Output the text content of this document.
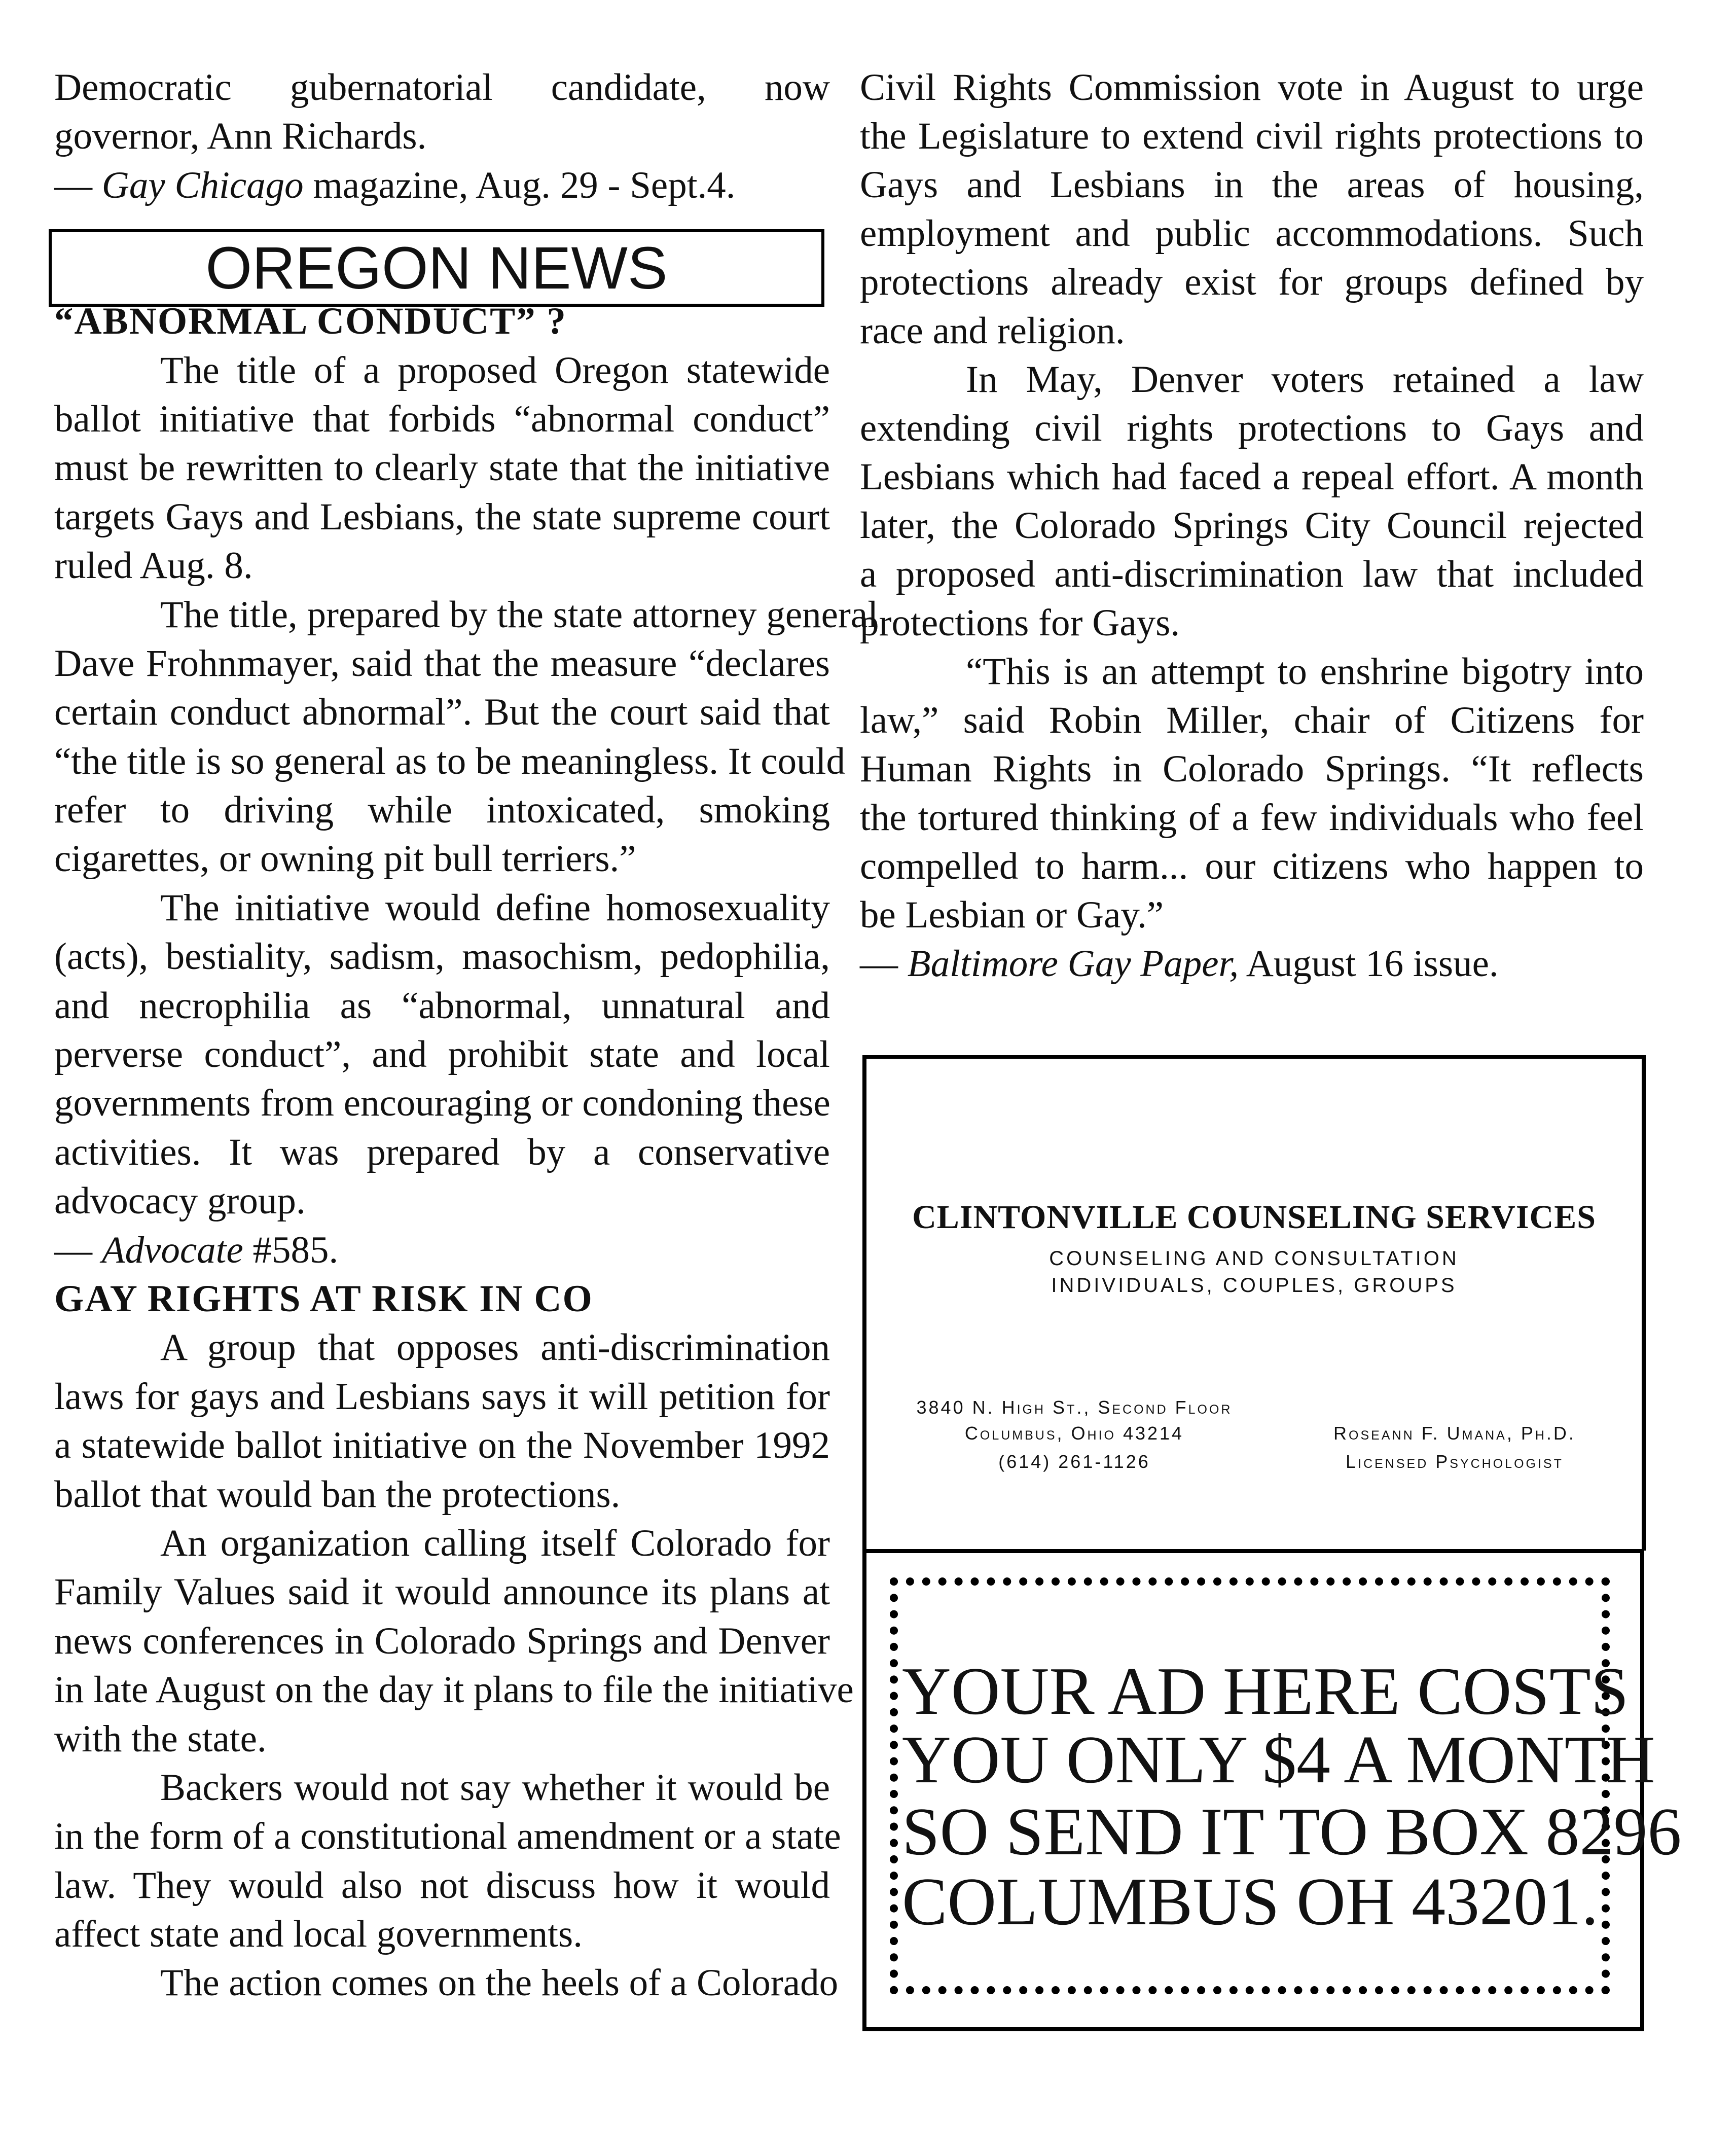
Democratic gubernatorial candidate, now
governor, Ann Richards.
— Gay Chicago magazine, Aug. 29 - Sept.4.
OREGON NEWS
“ABNORMAL CONDUCT” ?
The title of a proposed Oregon statewide
ballot initiative that forbids “abnormal conduct”
must be rewritten to clearly state that the initiative
targets Gays and Lesbians, the state supreme court
ruled Aug. 8.
The title, prepared by the state attorney general
Dave Frohnmayer, said that the measure “declares
certain conduct abnormal”. But the court said that
“the title is so general as to be meaningless. It could
refer to driving while intoxicated, smoking
cigarettes, or owning pit bull terriers.”
The initiative would define homosexuality
(acts), bestiality, sadism, masochism, pedophilia,
and necrophilia as “abnormal, unnatural and
perverse conduct”, and prohibit state and local
governments from encouraging or condoning these
activities. It was prepared by a conservative
advocacy group.
— Advocate #585.
GAY RIGHTS AT RISK IN CO
A group that opposes anti-discrimination
laws for gays and Lesbians says it will petition for
a statewide ballot initiative on the November 1992
ballot that would ban the protections.
An organization calling itself Colorado for
Family Values said it would announce its plans at
news conferences in Colorado Springs and Denver
in late August on the day it plans to file the initiative
with the state.
Backers would not say whether it would be
in the form of a constitutional amendment or a state
law. They would also not discuss how it would
affect state and local governments.
The action comes on the heels of a Colorado
Civil Rights Commission vote in August to urge
the Legislature to extend civil rights protections to
Gays and Lesbians in the areas of housing,
employment and public accommodations. Such
protections already exist for groups defined by
race and religion.
In May, Denver voters retained a law
extending civil rights protections to Gays and
Lesbians which had faced a repeal effort. A month
later, the Colorado Springs City Council rejected
a proposed anti-discrimination law that included
protections for Gays.
“This is an attempt to enshrine bigotry into
law,” said Robin Miller, chair of Citizens for
Human Rights in Colorado Springs. “It reflects
the tortured thinking of a few individuals who feel
compelled to harm... our citizens who happen to
be Lesbian or Gay.”
— Baltimore Gay Paper, August 16 issue.
CLINTONVILLE COUNSELING SERVICES
COUNSELING AND CONSULTATION
INDIVIDUALS, COUPLES, GROUPS
3840 N. High St., Second Floor
Columbus, Ohio 43214
(614) 261-1126
Roseann F. Umana, Ph.D.
Licensed Psychologist
YOUR AD HERE COSTS
YOU ONLY $4 A MONTH
SO SEND IT TO BOX 8296
COLUMBUS OH 43201.
